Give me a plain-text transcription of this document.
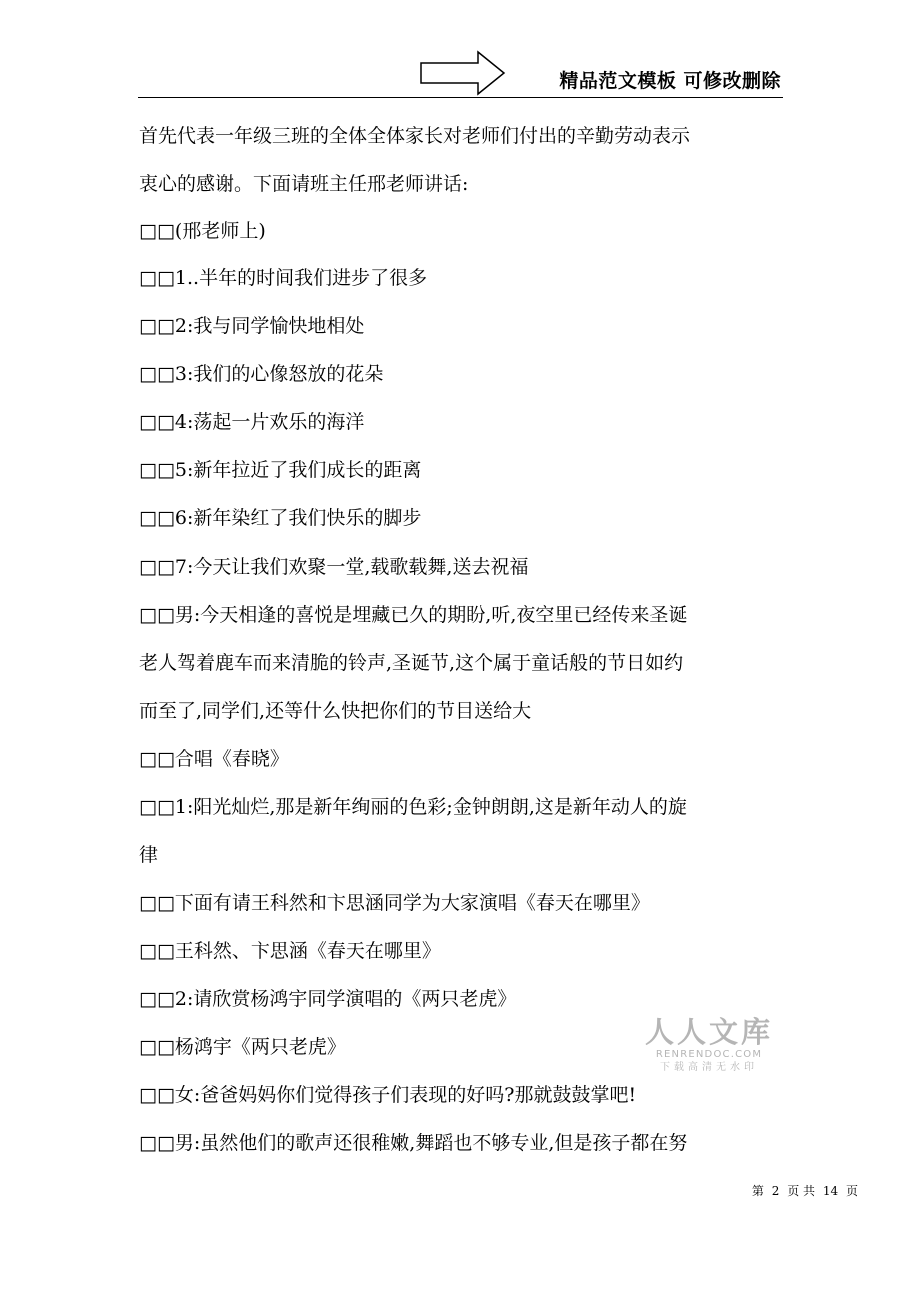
精品范文模板 可修改删除
首先代表一年级三班的全体全体家长对老师们付出的辛勤劳动表示
衷心的感谢。下面请班主任邢老师讲话:
□□(邢老师上)
□□1..半年的时间我们进步了很多
□□2:我与同学愉快地相处
□□3:我们的心像怒放的花朵
□□4:荡起一片欢乐的海洋
□□5:新年拉近了我们成长的距离
□□6:新年染红了我们快乐的脚步
□□7:今天让我们欢聚一堂,载歌载舞,送去祝福
□□男:今天相逢的喜悦是埋藏已久的期盼,听,夜空里已经传来圣诞
老人驾着鹿车而来清脆的铃声,圣诞节,这个属于童话般的节日如约
而至了,同学们,还等什么快把你们的节目送给大
□□合唱《春晓》
□□1:阳光灿烂,那是新年绚丽的色彩;金钟朗朗,这是新年动人的旋
律
□□下面有请王科然和卞思涵同学为大家演唱《春天在哪里》
□□王科然、卞思涵《春天在哪里》
□□2:请欣赏杨鸿宇同学演唱的《两只老虎》
□□杨鸿宇《两只老虎》
□□女:爸爸妈妈你们觉得孩子们表现的好吗?那就鼓鼓掌吧!
□□男:虽然他们的歌声还很稚嫩,舞蹈也不够专业,但是孩子都在努
人人文库
RENRENDOC.COM
下载高清无水印
第 2 页 共 14 页
